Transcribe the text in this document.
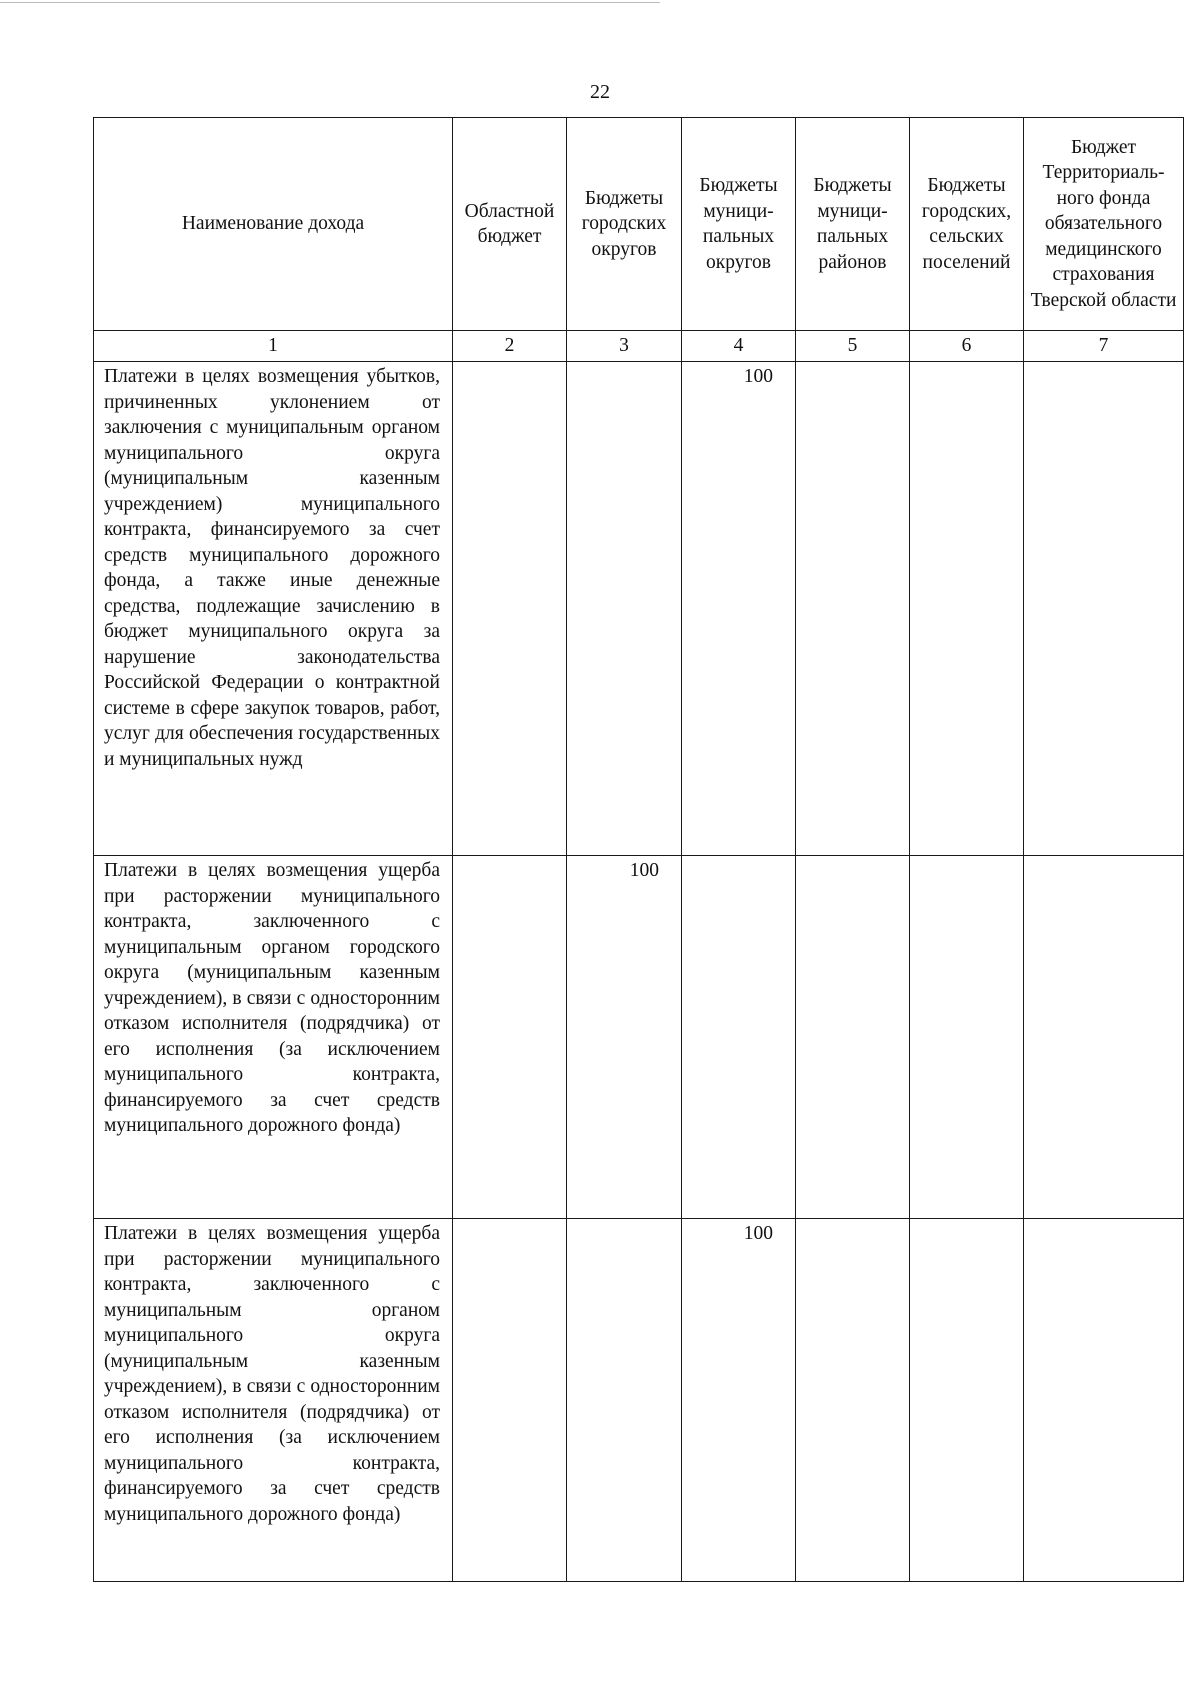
22
Наименование дохода	Областной бюджет	Бюджеты городских округов	Бюджеты муници-пальных округов	Бюджеты муници-пальных районов	Бюджеты городских, сельских поселений	Бюджет Территориаль-ного фонда обязательного медицинского страхования Тверской области
1	2	3	4	5	6	7
Платежи в целях возмещения убытков, причиненных уклонением от заключения с муниципальным органом муниципального округа (муниципальным казенным учреждением) муниципального контракта, финансируемого за счет средств муниципального дорожного фонда, а также иные денежные средства, подлежащие зачислению в бюджет муниципального округа за нарушение законодательства Российской Федерации о контрактной системе в сфере закупок товаров, работ, услуг для обеспечения государственных и муниципальных нужд			100			
Платежи в целях возмещения ущерба при расторжении муниципального контракта, заключенного с муниципальным органом городского округа (муниципальным казенным учреждением), в связи с односторонним отказом исполнителя (подрядчика) от его исполнения (за исключением муниципального контракта, финансируемого за счет средств муниципального дорожного фонда)		100				
Платежи в целях возмещения ущерба при расторжении муниципального контракта, заключенного с муниципальным органом муниципального округа (муниципальным казенным учреждением), в связи с односторонним отказом исполнителя (подрядчика) от его исполнения (за исключением муниципального контракта, финансируемого за счет средств муниципального дорожного фонда)			100			
